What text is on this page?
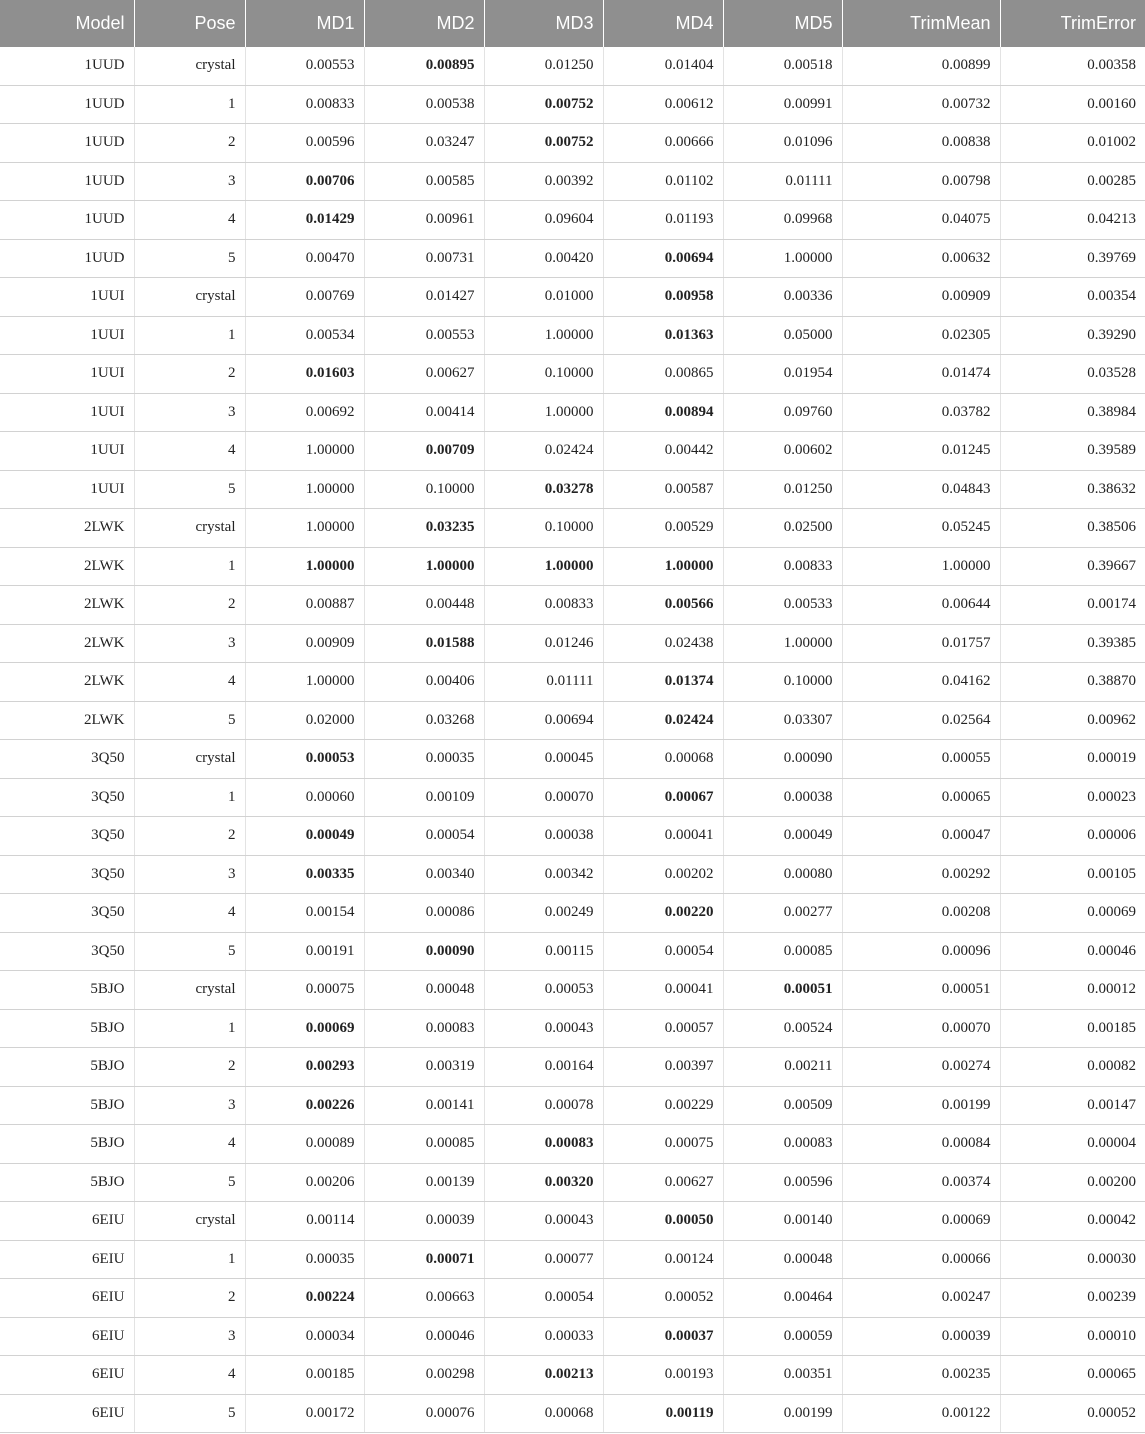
Model	Pose	MD1	MD2	MD3	MD4	MD5	TrimMean	TrimError
1UUD	crystal	0.00553	0.00895	0.01250	0.01404	0.00518	0.00899	0.00358
1UUD	1	0.00833	0.00538	0.00752	0.00612	0.00991	0.00732	0.00160
1UUD	2	0.00596	0.03247	0.00752	0.00666	0.01096	0.00838	0.01002
1UUD	3	0.00706	0.00585	0.00392	0.01102	0.01111	0.00798	0.00285
1UUD	4	0.01429	0.00961	0.09604	0.01193	0.09968	0.04075	0.04213
1UUD	5	0.00470	0.00731	0.00420	0.00694	1.00000	0.00632	0.39769
1UUI	crystal	0.00769	0.01427	0.01000	0.00958	0.00336	0.00909	0.00354
1UUI	1	0.00534	0.00553	1.00000	0.01363	0.05000	0.02305	0.39290
1UUI	2	0.01603	0.00627	0.10000	0.00865	0.01954	0.01474	0.03528
1UUI	3	0.00692	0.00414	1.00000	0.00894	0.09760	0.03782	0.38984
1UUI	4	1.00000	0.00709	0.02424	0.00442	0.00602	0.01245	0.39589
1UUI	5	1.00000	0.10000	0.03278	0.00587	0.01250	0.04843	0.38632
2LWK	crystal	1.00000	0.03235	0.10000	0.00529	0.02500	0.05245	0.38506
2LWK	1	1.00000	1.00000	1.00000	1.00000	0.00833	1.00000	0.39667
2LWK	2	0.00887	0.00448	0.00833	0.00566	0.00533	0.00644	0.00174
2LWK	3	0.00909	0.01588	0.01246	0.02438	1.00000	0.01757	0.39385
2LWK	4	1.00000	0.00406	0.01111	0.01374	0.10000	0.04162	0.38870
2LWK	5	0.02000	0.03268	0.00694	0.02424	0.03307	0.02564	0.00962
3Q50	crystal	0.00053	0.00035	0.00045	0.00068	0.00090	0.00055	0.00019
3Q50	1	0.00060	0.00109	0.00070	0.00067	0.00038	0.00065	0.00023
3Q50	2	0.00049	0.00054	0.00038	0.00041	0.00049	0.00047	0.00006
3Q50	3	0.00335	0.00340	0.00342	0.00202	0.00080	0.00292	0.00105
3Q50	4	0.00154	0.00086	0.00249	0.00220	0.00277	0.00208	0.00069
3Q50	5	0.00191	0.00090	0.00115	0.00054	0.00085	0.00096	0.00046
5BJO	crystal	0.00075	0.00048	0.00053	0.00041	0.00051	0.00051	0.00012
5BJO	1	0.00069	0.00083	0.00043	0.00057	0.00524	0.00070	0.00185
5BJO	2	0.00293	0.00319	0.00164	0.00397	0.00211	0.00274	0.00082
5BJO	3	0.00226	0.00141	0.00078	0.00229	0.00509	0.00199	0.00147
5BJO	4	0.00089	0.00085	0.00083	0.00075	0.00083	0.00084	0.00004
5BJO	5	0.00206	0.00139	0.00320	0.00627	0.00596	0.00374	0.00200
6EIU	crystal	0.00114	0.00039	0.00043	0.00050	0.00140	0.00069	0.00042
6EIU	1	0.00035	0.00071	0.00077	0.00124	0.00048	0.00066	0.00030
6EIU	2	0.00224	0.00663	0.00054	0.00052	0.00464	0.00247	0.00239
6EIU	3	0.00034	0.00046	0.00033	0.00037	0.00059	0.00039	0.00010
6EIU	4	0.00185	0.00298	0.00213	0.00193	0.00351	0.00235	0.00065
6EIU	5	0.00172	0.00076	0.00068	0.00119	0.00199	0.00122	0.00052
